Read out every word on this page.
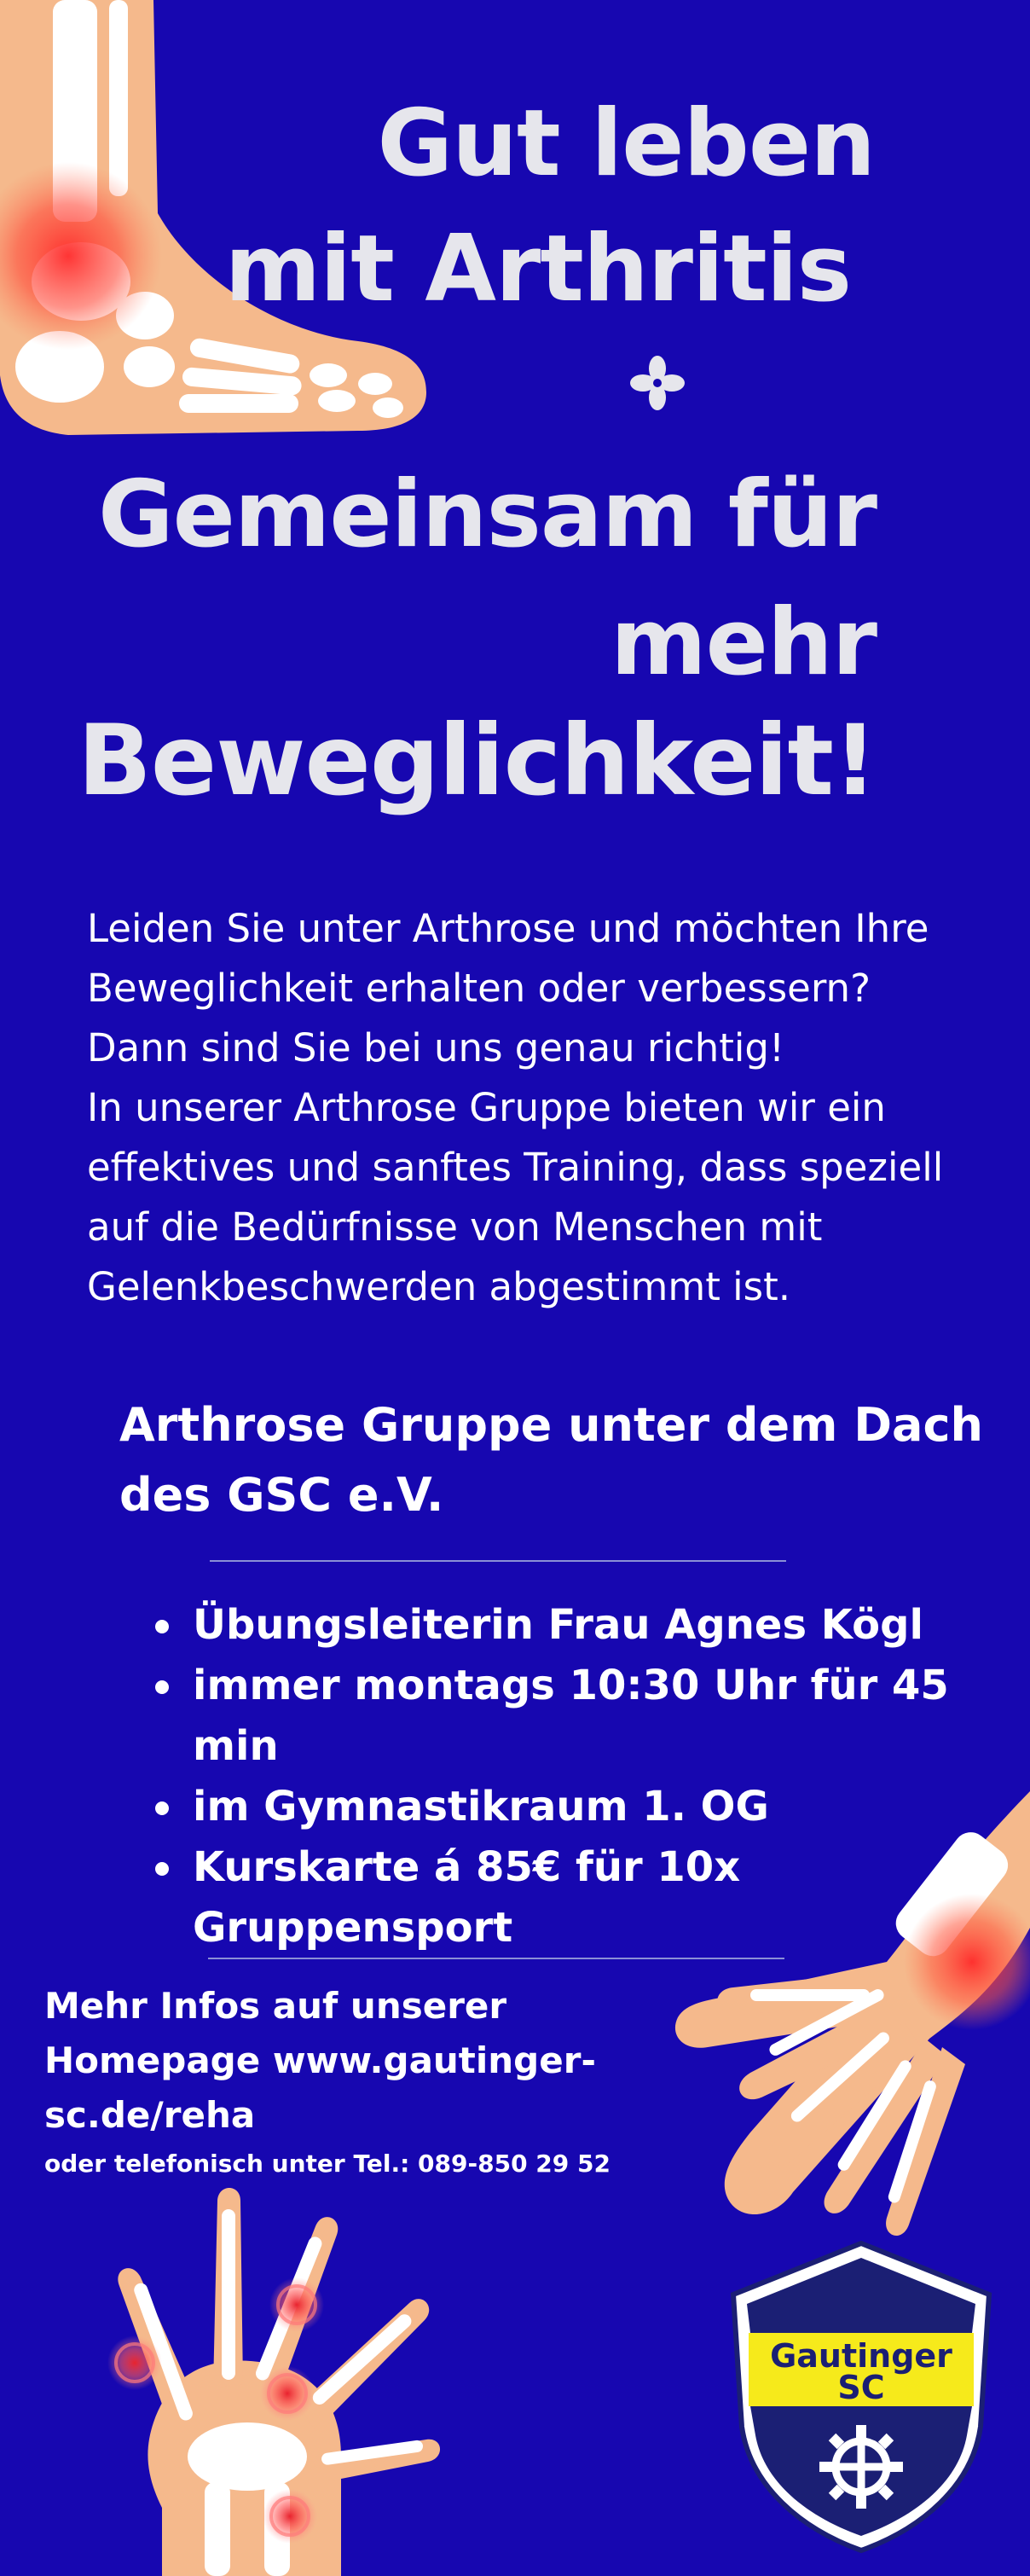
Gut leben
mit Arthritis
Gemeinsam für
mehr
Beweglichkeit!
Leiden Sie unter Arthrose und möchten Ihre
Beweglichkeit erhalten oder verbessern?
Dann sind Sie bei uns genau richtig!
In unserer Arthrose Gruppe bieten wir ein
effektives und sanftes Training, dass speziell
auf die Bedürfnisse von Menschen mit
Gelenkbeschwerden abgestimmt ist.
Arthrose Gruppe unter dem Dach
des GSC e.V.
Übungsleiterin Frau Agnes Kögl
immer montags 10:30 Uhr für 45 min
im Gymnastikraum 1. OG
Kurskarte á 85€ für 10x
Gruppensport
Mehr Infos auf unserer
Homepage www.gautinger-
sc.de/reha
oder telefonisch unter Tel.: 089-850 29 52
Gautinger
SC
